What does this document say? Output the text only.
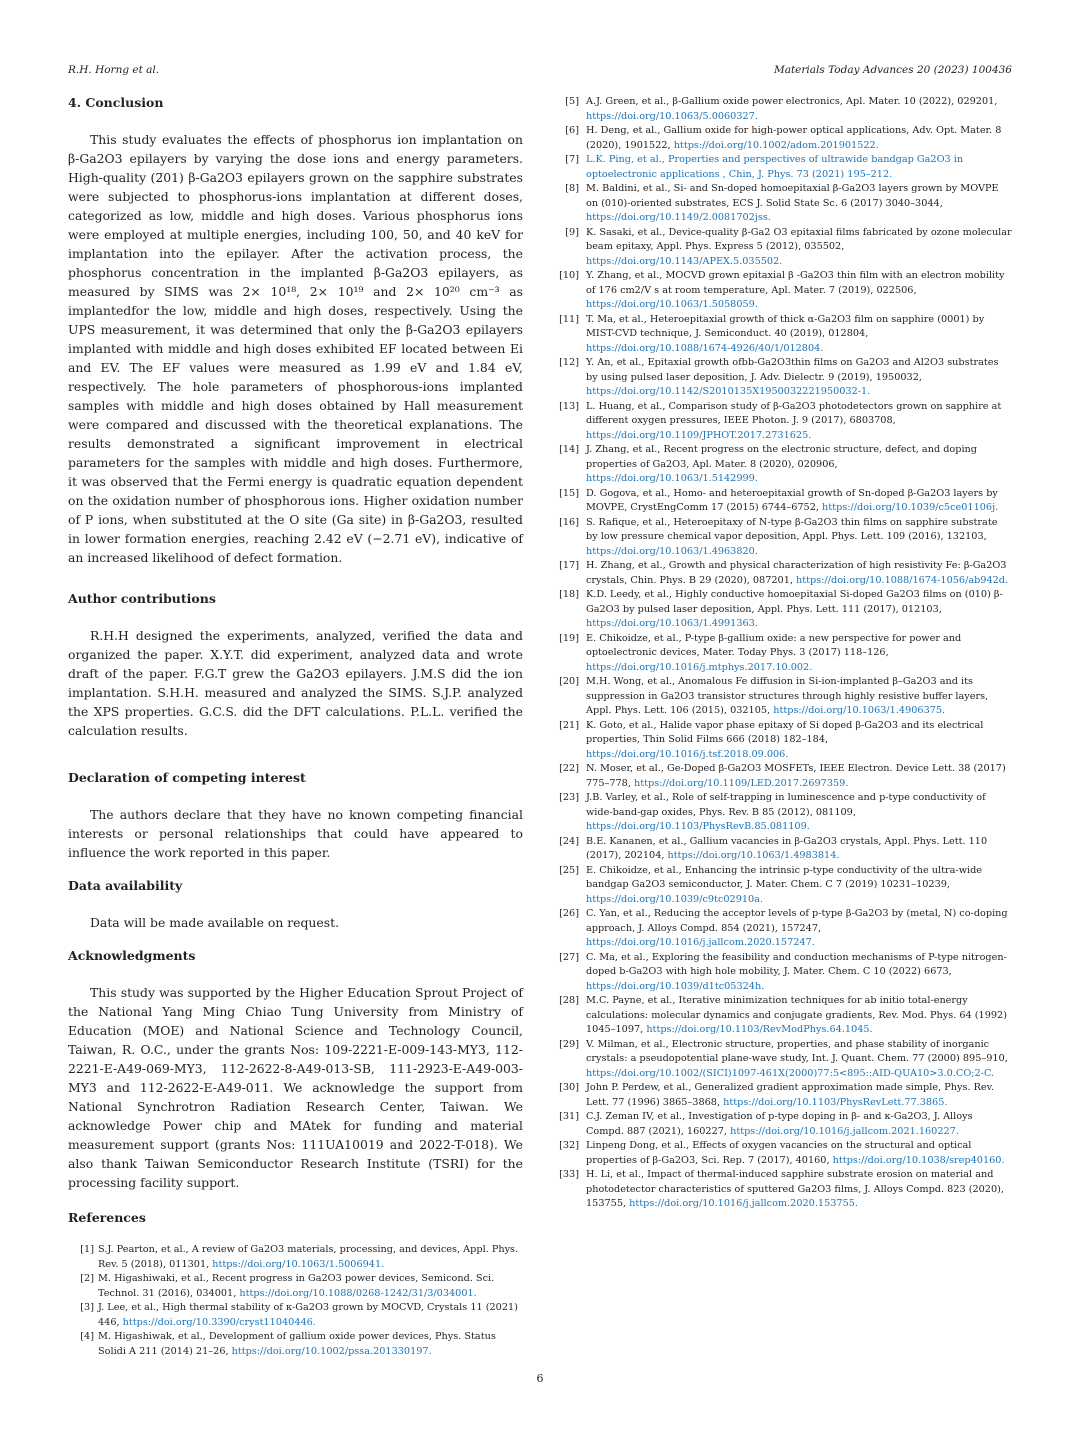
R.H. Horng et al.	Materials Today Advances 20 (2023) 100436
4. Conclusion

This study evaluates the effects of phosphorus ion implantation on β-Ga2O3 epilayers by varying the dose ions and energy parameters. High-quality (2̅01) β-Ga2O3 epilayers grown on the sapphire substrates were subjected to phosphorus-ions implantation at different doses, categorized as low, middle and high doses. Various phosphorus ions were employed at multiple energies, including 100, 50, and 40 keV for implantation into the epilayer. After the activation process, the phosphorus concentration in the implanted β-Ga2O3 epilayers, as measured by SIMS was 2× 10¹⁸, 2× 10¹⁹ and 2× 10²⁰ cm⁻³ as implantedfor the low, middle and high doses, respectively. Using the UPS measurement, it was determined that only the β-Ga2O3 epilayers implanted with middle and high doses exhibited EF located between Ei and EV. The EF values were measured as 1.99 eV and 1.84 eV, respectively. The hole parameters of phosphorous-ions implanted samples with middle and high doses obtained by Hall measurement were compared and discussed with the theoretical explanations. The results demonstrated a significant improvement in electrical parameters for the samples with middle and high doses. Furthermore, it was observed that the Fermi energy is quadratic equation dependent on the oxidation number of phosphorous ions. Higher oxidation number of P ions, when substituted at the O site (Ga site) in β-Ga2O3, resulted in lower formation energies, reaching 2.42 eV (−2.71 eV), indicative of an increased likelihood of defect formation.

Author contributions

R.H.H designed the experiments, analyzed, verified the data and organized the paper. X.Y.T. did experiment, analyzed data and wrote draft of the paper. F.G.T grew the Ga2O3 epilayers. J.M.S did the ion implantation. S.H.H. measured and analyzed the SIMS. S.J.P. analyzed the XPS properties. G.C.S. did the DFT calculations. P.L.L. verified the calculation results.

Declaration of competing interest

The authors declare that they have no known competing financial interests or personal relationships that could have appeared to influence the work reported in this paper.

Data availability

Data will be made available on request.

Acknowledgments

This study was supported by the Higher Education Sprout Project of the National Yang Ming Chiao Tung University from Ministry of Education (MOE) and National Science and Technology Council, Taiwan, R. O.C., under the grants Nos: 109-2221-E-009-143-MY3, 112-2221-E-A49-069-MY3, 112-2622-8-A49-013-SB, 111-2923-E-A49-003-MY3 and 112-2622-E-A49-011. We acknowledge the support from National Synchrotron Radiation Research Center, Taiwan. We acknowledge Power chip and MAtek for funding and material measurement support (grants Nos: 111UA10019 and 2022-T-018). We also thank Taiwan Semiconductor Research Institute (TSRI) for the processing facility support.

References
[1] S.J. Pearton, et al., A review of Ga2O3 materials, processing, and devices, Appl. Phys. Rev. 5 (2018), 011301, https://doi.org/10.1063/1.5006941.
[2] M. Higashiwaki, et al., Recent progress in Ga2O3 power devices, Semicond. Sci. Technol. 31 (2016), 034001, https://doi.org/10.1088/0268-1242/31/3/034001.
[3] J. Lee, et al., High thermal stability of κ-Ga2O3 grown by MOCVD, Crystals 11 (2021) 446, https://doi.org/10.3390/cryst11040446.
[4] M. Higashiwak, et al., Development of gallium oxide power devices, Phys. Status Solidi A 211 (2014) 21–26, https://doi.org/10.1002/pssa.201330197.
[5] A.J. Green, et al., β-Gallium oxide power electronics, Apl. Mater. 10 (2022), 029201, https://doi.org/10.1063/5.0060327.
[6] H. Deng, et al., Gallium oxide for high-power optical applications, Adv. Opt. Mater. 8 (2020), 1901522, https://doi.org/10.1002/adom.201901522.
[7] L.K. Ping, et al., Properties and perspectives of ultrawide bandgap Ga2O3 in optoelectronic applications , Chin, J. Phys. 73 (2021) 195–212.
[8] M. Baldini, et al., Si- and Sn-doped homoepitaxial β-Ga2O3 layers grown by MOVPE on (010)-oriented substrates, ECS J. Solid State Sc. 6 (2017) 3040–3044, https://doi.org/10.1149/2.0081702jss.
[9] K. Sasaki, et al., Device-quality β-Ga2 O3 epitaxial films fabricated by ozone molecular beam epitaxy, Appl. Phys. Express 5 (2012), 035502, https://doi.org/10.1143/APEX.5.035502.
[10] Y. Zhang, et al., MOCVD grown epitaxial β -Ga2O3 thin film with an electron mobility of 176 cm2/V s at room temperature, Apl. Mater. 7 (2019), 022506, https://doi.org/10.1063/1.5058059.
[11] T. Ma, et al., Heteroepitaxial growth of thick α-Ga2O3 film on sapphire (0001) by MIST-CVD technique, J. Semiconduct. 40 (2019), 012804, https://doi.org/10.1088/1674-4926/40/1/012804.
[12] Y. An, et al., Epitaxial growth ofbb-Ga2O3thin films on Ga2O3 and Al2O3 substrates by using pulsed laser deposition, J. Adv. Dielectr. 9 (2019), 1950032, https://doi.org/10.1142/S2010135X1950032221950032-1.
[13] L. Huang, et al., Comparison study of β-Ga2O3 photodetectors grown on sapphire at different oxygen pressures, IEEE Photon. J. 9 (2017), 6803708, https://doi.org/10.1109/JPHOT.2017.2731625.
[14] J. Zhang, et al., Recent progress on the electronic structure, defect, and doping properties of Ga2O3, Apl. Mater. 8 (2020), 020906, https://doi.org/10.1063/1.5142999.
[15] D. Gogova, et al., Homo- and heteroepitaxial growth of Sn-doped β-Ga2O3 layers by MOVPE, CrystEngComm 17 (2015) 6744–6752, https://doi.org/10.1039/c5ce01106j.
[16] S. Rafique, et al., Heteroepitaxy of N-type β-Ga2O3 thin films on sapphire substrate by low pressure chemical vapor deposition, Appl. Phys. Lett. 109 (2016), 132103, https://doi.org/10.1063/1.4963820.
[17] H. Zhang, et al., Growth and physical characterization of high resistivity Fe: β-Ga2O3 crystals, Chin. Phys. B 29 (2020), 087201, https://doi.org/10.1088/1674-1056/ab942d.
[18] K.D. Leedy, et al., Highly conductive homoepitaxial Si-doped Ga2O3 films on (010) β-Ga2O3 by pulsed laser deposition, Appl. Phys. Lett. 111 (2017), 012103, https://doi.org/10.1063/1.4991363.
[19] E. Chikoidze, et al., P-type β-gallium oxide: a new perspective for power and optoelectronic devices, Mater. Today Phys. 3 (2017) 118–126, https://doi.org/10.1016/j.mtphys.2017.10.002.
[20] M.H. Wong, et al., Anomalous Fe diffusion in Si-ion-implanted β–Ga2O3 and its suppression in Ga2O3 transistor structures through highly resistive buffer layers, Appl. Phys. Lett. 106 (2015), 032105, https://doi.org/10.1063/1.4906375.
[21] K. Goto, et al., Halide vapor phase epitaxy of Si doped β-Ga2O3 and its electrical properties, Thin Solid Films 666 (2018) 182–184, https://doi.org/10.1016/j.tsf.2018.09.006.
[22] N. Moser, et al., Ge-Doped β-Ga2O3 MOSFETs, IEEE Electron. Device Lett. 38 (2017) 775–778, https://doi.org/10.1109/LED.2017.2697359.
[23] J.B. Varley, et al., Role of self-trapping in luminescence and p-type conductivity of wide-band-gap oxides, Phys. Rev. B 85 (2012), 081109, https://doi.org/10.1103/PhysRevB.85.081109.
[24] B.E. Kananen, et al., Gallium vacancies in β-Ga2O3 crystals, Appl. Phys. Lett. 110 (2017), 202104, https://doi.org/10.1063/1.4983814.
[25] E. Chikoidze, et al., Enhancing the intrinsic p-type conductivity of the ultra-wide bandgap Ga2O3 semiconductor, J. Mater. Chem. C 7 (2019) 10231–10239, https://doi.org/10.1039/c9tc02910a.
[26] C. Yan, et al., Reducing the acceptor levels of p-type β-Ga2O3 by (metal, N) co-doping approach, J. Alloys Compd. 854 (2021), 157247, https://doi.org/10.1016/j.jallcom.2020.157247.
[27] C. Ma, et al., Exploring the feasibility and conduction mechanisms of P-type nitrogen-doped b-Ga2O3 with high hole mobility, J. Mater. Chem. C 10 (2022) 6673, https://doi.org/10.1039/d1tc05324h.
[28] M.C. Payne, et al., Iterative minimization techniques for ab initio total-energy calculations: molecular dynamics and conjugate gradients, Rev. Mod. Phys. 64 (1992) 1045–1097, https://doi.org/10.1103/RevModPhys.64.1045.
[29] V. Milman, et al., Electronic structure, properties, and phase stability of inorganic crystals: a pseudopotential plane-wave study, Int. J. Quant. Chem. 77 (2000) 895–910, https://doi.org/10.1002/(SICI)1097-461X(2000)77:5<895::AID-QUA10>3.0.CO;2-C.
[30] John P. Perdew, et al., Generalized gradient approximation made simple, Phys. Rev. Lett. 77 (1996) 3865–3868, https://doi.org/10.1103/PhysRevLett.77.3865.
[31] C.J. Zeman IV, et al., Investigation of p-type doping in β- and κ-Ga2O3, J. Alloys Compd. 887 (2021), 160227, https://doi.org/10.1016/j.jallcom.2021.160227.
[32] Linpeng Dong, et al., Effects of oxygen vacancies on the structural and optical properties of β-Ga2O3, Sci. Rep. 7 (2017), 40160, https://doi.org/10.1038/srep40160.
[33] H. Li, et al., Impact of thermal-induced sapphire substrate erosion on material and photodetector characteristics of sputtered Ga2O3 films, J. Alloys Compd. 823 (2020), 153755, https://doi.org/10.1016/j.jallcom.2020.153755.
6
